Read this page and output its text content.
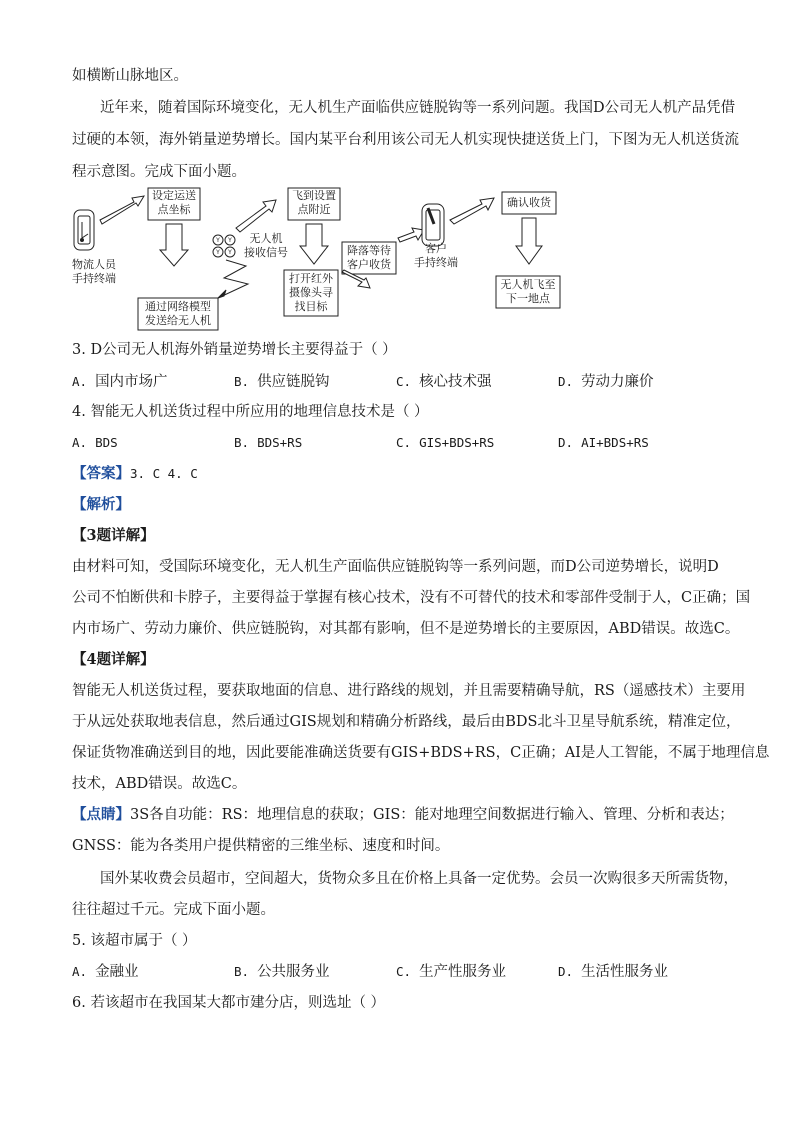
如横断山脉地区。
近年来，随着国际环境变化，无人机生产面临供应链脱钩等一系列问题。我国D公司无人机产品凭借
过硬的本领，海外销量逆势增长。国内某平台利用该公司无人机实现快捷送货上门，下图为无人机送货流
程示意图。完成下面小题。
Y Y
Y Y
设定运送
点坐标
飞到设置
点附近
确认收货
通过网络模型
发送给无人机
打开红外
摄像头寻
找目标
降落等待
客户收货
无人机飞至
下一地点
物流人员
手持终端
无人机
接收信号	客户
手持终端
3. D公司无人机海外销量逆势增长主要得益于（ ）
A. 国内市场广	B. 供应链脱钩	C. 核心技术强	D. 劳动力廉价
4. 智能无人机送货过程中所应用的地理信息技术是（ ）
A. BDS	B. BDS+RS	C. GIS+BDS+RS	D. AI+BDS+RS
【答案】3. C 4. C
【解析】
【3题详解】
由材料可知，受国际环境变化，无人机生产面临供应链脱钩等一系列问题，而D公司逆势增长，说明D
公司不怕断供和卡脖子，主要得益于掌握有核心技术，没有不可替代的技术和零部件受制于人，C正确；国
内市场广、劳动力廉价、供应链脱钩，对其都有影响，但不是逆势增长的主要原因，ABD错误。故选C。
【4题详解】
智能无人机送货过程，要获取地面的信息、进行路线的规划，并且需要精确导航，RS（遥感技术）主要用
于从远处获取地表信息，然后通过GIS规划和精确分析路线，最后由BDS北斗卫星导航系统，精准定位，
保证货物准确送到目的地，因此要能准确送货要有GIS+BDS+RS，C正确；AI是人工智能，不属于地理信息
技术，ABD错误。故选C。
【点睛】3S各自功能：RS：地理信息的获取；GIS：能对地理空间数据进行输入、管理、分析和表达；
GNSS：能为各类用户提供精密的三维坐标、速度和时间。
国外某收费会员超市，空间超大，货物众多且在价格上具备一定优势。会员一次购很多天所需货物，
往往超过千元。完成下面小题。
5. 该超市属于（ ）
A. 金融业	B. 公共服务业	C. 生产性服务业	D. 生活性服务业
6. 若该超市在我国某大都市建分店，则选址（ ）
